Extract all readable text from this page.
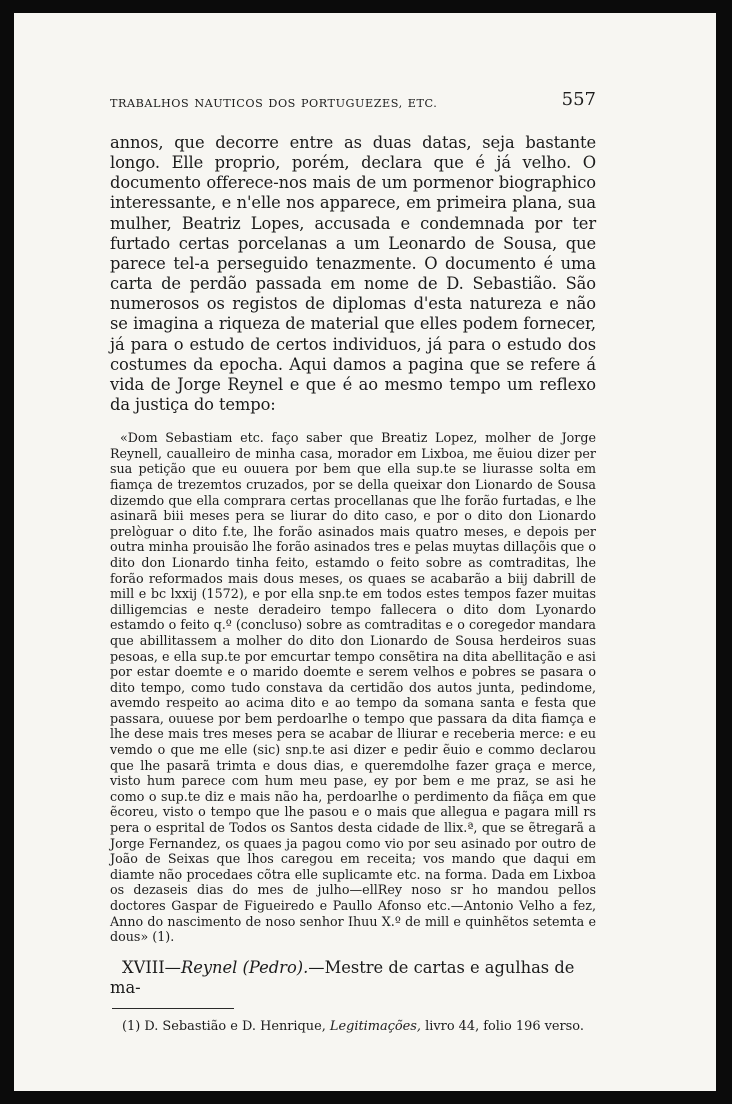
TRABALHOS NAUTICOS DOS PORTUGUEZES, ETC.	557

annos, que decorre entre as duas datas, seja bastante longo. Elle proprio, porém, declara que é já velho. O documento offerece-nos mais de um pormenor biographico interessante, e n'elle nos apparece, em primeira plana, sua mulher, Beatriz Lopes, accusada e condemnada por ter furtado certas porcelanas a um Leonardo de Sousa, que parece tel-a perseguido tenazmente. O documento é uma carta de perdão passada em nome de D. Sebastião. São numerosos os registos de diplomas d'esta natureza e não se imagina a riqueza de material que elles podem fornecer, já para o estudo de certos individuos, já para o estudo dos costumes da epocha. Aqui damos a pagina que se refere á vida de Jorge Reynel e que é ao mesmo tempo um reflexo da justiça do tempo:

«Dom Sebastiam etc. faço saber que Breatiz Lopez, molher de Jorge Reynell, caualleiro de minha casa, morador em Lixboa, me ẽuiou dizer per sua petição que eu ouuera por bem que ella sup.te se liurasse solta em fiamça de trezemtos cruzados, por se della queixar don Lionardo de Sousa dizemdo que ella comprara certas procellanas que lhe forão furtadas, e lhe asinarã biii meses pera se liurar do dito caso, e por o dito don Lionardo prelòguar o dito f.te, lhe forão asinados mais quatro meses, e depois per outra minha prouisão lhe forão asinados tres e pelas muytas dillaçõis que o dito don Lionardo tinha feito, estamdo o feito sobre as comtraditas, lhe forão reformados mais dous meses, os quaes se acabarão a biij dabrill de mill e bc lxxij (1572), e por ella snp.te em todos estes tempos fazer muitas dilligemcias e neste deradeiro tempo fallecera o dito dom Lyonardo estamdo o feito q.º (concluso) sobre as comtraditas e o coregedor mandara que abillitassem a molher do dito don Lionardo de Sousa herdeiros suas pesoas, e ella sup.te por emcurtar tempo consẽtira na dita abellitação e asi por estar doemte e o marido doemte e serem velhos e pobres se pasara o dito tempo, como tudo constava da certidão dos autos junta, pedindome, avemdo respeito ao acima dito e ao tempo da somana santa e festa que passara, ouuese por bem perdoarlhe o tempo que passara da dita fiamça e lhe dese mais tres meses pera se acabar de lliurar e receberia merce: e eu vemdo o que me elle (sic) snp.te asi dizer e pedir ẽuio e commo declarou que lhe pasarã trimta e dous dias, e queremdolhe fazer graça e merce, visto hum parece com hum meu pase, ey por bem e me praz, se asi he como o sup.te diz e mais não ha, perdoarlhe o perdimento da fiãça em que ẽcoreu, visto o tempo que lhe pasou e o mais que allegua e pagara mill rs pera o esprital de Todos os Santos desta cidade de llix.ª, que se ẽtregarã a Jorge Fernandez, os quaes ja pagou como vio por seu asinado por outro de João de Seixas que lhos caregou em receita; vos mando que daqui em diamte não procedaes cõtra elle suplicamte etc. na forma. Dada em Lixboa os dezaseis dias do mes de julho—ellRey noso sr ho mandou pellos doctores Gaspar de Figueiredo e Paullo Afonso etc.—Antonio Velho a fez, Anno do nascimento de noso senhor Ihuu X.º de mill e quinhẽtos setemta e dous» (1).

XVIII—Reynel (Pedro).—Mestre de cartas e agulhas de ma-

(1) D. Sebastião e D. Henrique, Legitimações, livro 44, folio 196 verso.
